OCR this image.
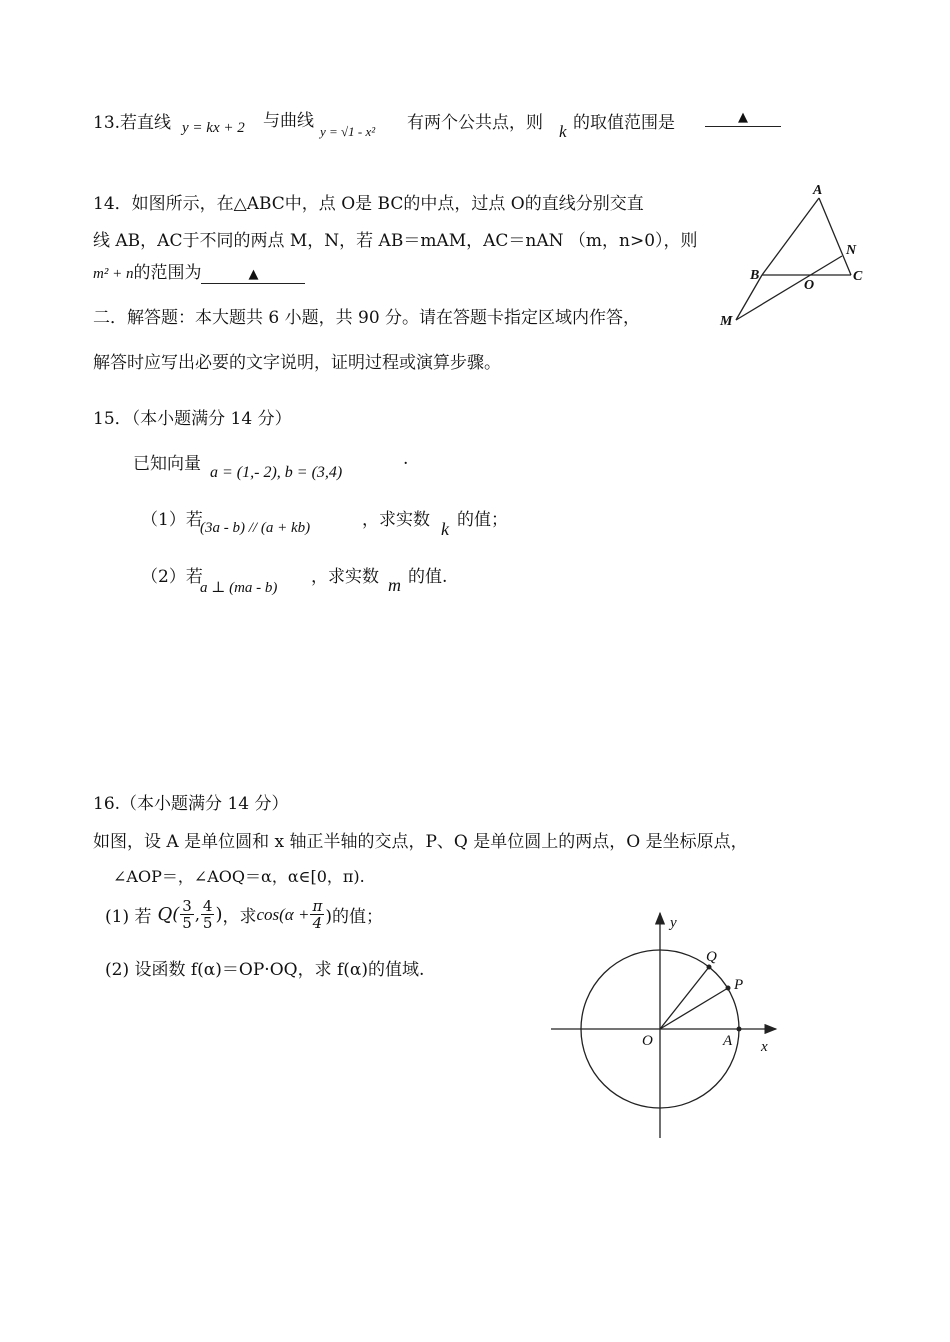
13.若直线 y = kx + 2 与曲线
y = √1 - x² 有两个公共点，则 k 的取值范围是	▲
14．如图所示，在△ABC中，点 O是 BC的中点，过点 O的直线分别交直
线 AB，AC于不同的两点 M，N，若 AB＝mAM，AC＝nAN （m，n>0），则
m² + n的范围为	▲
A
N
B
O
C
M
二．解答题：本大题共 6 小题，共 90 分。请在答题卡指定区域内作答，
解答时应写出必要的文字说明，证明过程或演算步骤。
15．（本小题满分 14 分）
已知向量 a = (1,- 2), b = (3,4)
.
（1）若
(3a - b) // (a + kb)	，求实数 k 的值；
（2）若
a ⊥ (ma - b)
，求实数 m 的值.
16.（本小题满分 14 分）
如图，设 A 是单位圆和 x 轴正半轴的交点，P、Q 是单位圆上的两点，O 是坐标原点，
∠AOP＝，∠AOQ＝α，α∈[0，π).
(1) 若 $Q( \frac{3}{5}$ , $\frac{4}{5}$ ) ，求 $\cos(\alpha + \frac{\pi}{4}$ )的值；
(2) 设函数 f(α)＝OP·OQ，求 f(α)的值域.
y
Q
P
O	A x
